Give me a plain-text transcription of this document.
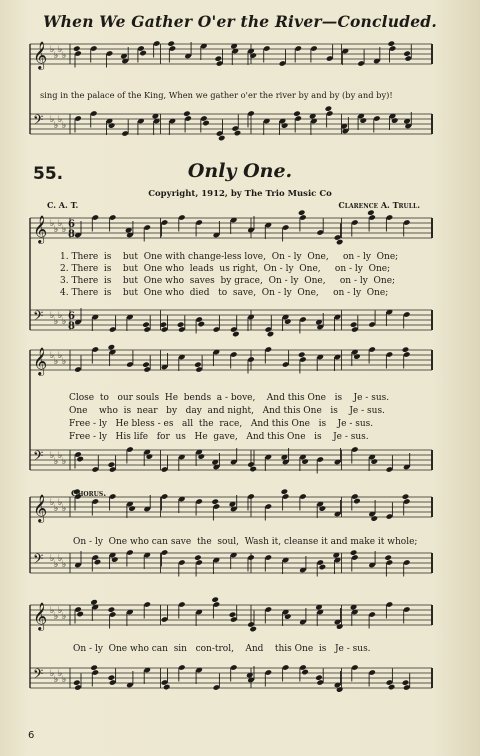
When We Gather O'er the River—Concluded.
𝄞 ♭
♭
♭
♭
𝄢 ♭
♭
♭
♭
𝄞 ♭
♭
♭
♭
𝄢 ♭
♭
♭
♭
6
8
6
8
𝄞 ♭
♭
♭
♭
𝄢 ♭
♭
♭
♭
𝄞 ♭
♭
♭
♭
𝄢 ♭
♭
♭
♭
𝄞 ♭
♭
♭
♭
𝄢 ♭
♭
♭
♭
sing in the palace of the King, When we gather o'er the river by and by (by and by)!
55.	Only One.
Copyright, 1912, by The Trio Music Co
C. A. T.	Clarence A. Trull.
1. There  is    but  One with change-less love,  On - ly  One,     on - ly  One;
2. There  is    but  One who  leads  us right,  On - ly  One,     on - ly  One;
3. There  is    but  One who  saves  by grace,  On - ly  One,     on - ly  One;
4. There  is    but  One who  died   to  save,  On - ly  One,     on - ly  One;
Close  to   our souls  He  bends  a - bove,    And this One   is    Je - sus.
One    who  is  near   by   day  and night,   And this One   is    Je - sus.
Free - ly   He bless - es   all  the  race,   And this One   is    Je - sus.
Free - ly   His life   for  us   He  gave,   And this One   is    Je - sus.
Chorus.
On - ly  One who can save  the  soul,  Wash it, cleanse it and make it whole;
On - ly  One who can  sin   con-trol,    And    this One  is   Je - sus.
6
